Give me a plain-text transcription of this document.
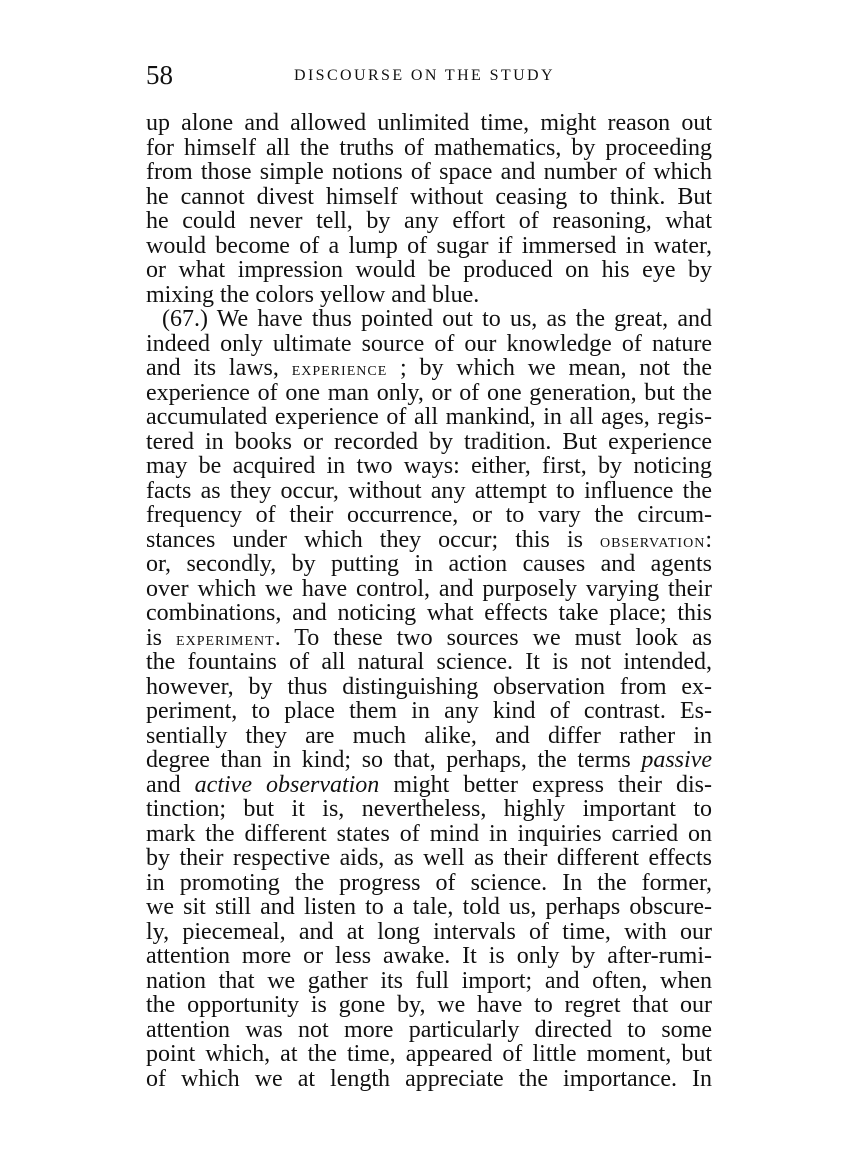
58	DISCOURSE ON THE STUDY
up alone and allowed unlimited time, might reason out
for himself all the truths of mathematics, by proceeding
from those simple notions of space and number of which
he cannot divest himself without ceasing to think. But
he could never tell, by any effort of reasoning, what
would become of a lump of sugar if immersed in water,
or what impression would be produced on his eye by
mixing the colors yellow and blue.
(67.) We have thus pointed out to us, as the great, and
indeed only ultimate source of our knowledge of nature
and its laws, experience ; by which we mean, not the
experience of one man only, or of one generation, but the
accumulated experience of all mankind, in all ages, regis-
tered in books or recorded by tradition. But experience
may be acquired in two ways: either, first, by noticing
facts as they occur, without any attempt to influence the
frequency of their occurrence, or to vary the circum-
stances under which they occur; this is observation:
or, secondly, by putting in action causes and agents
over which we have control, and purposely varying their
combinations, and noticing what effects take place; this
is experiment. To these two sources we must look as
the fountains of all natural science. It is not intended,
however, by thus distinguishing observation from ex-
periment, to place them in any kind of contrast. Es-
sentially they are much alike, and differ rather in
degree than in kind; so that, perhaps, the terms passive
and active observation might better express their dis-
tinction; but it is, nevertheless, highly important to
mark the different states of mind in inquiries carried on
by their respective aids, as well as their different effects
in promoting the progress of science. In the former,
we sit still and listen to a tale, told us, perhaps obscure-
ly, piecemeal, and at long intervals of time, with our
attention more or less awake. It is only by after-rumi-
nation that we gather its full import; and often, when
the opportunity is gone by, we have to regret that our
attention was not more particularly directed to some
point which, at the time, appeared of little moment, but
of which we at length appreciate the importance. In
